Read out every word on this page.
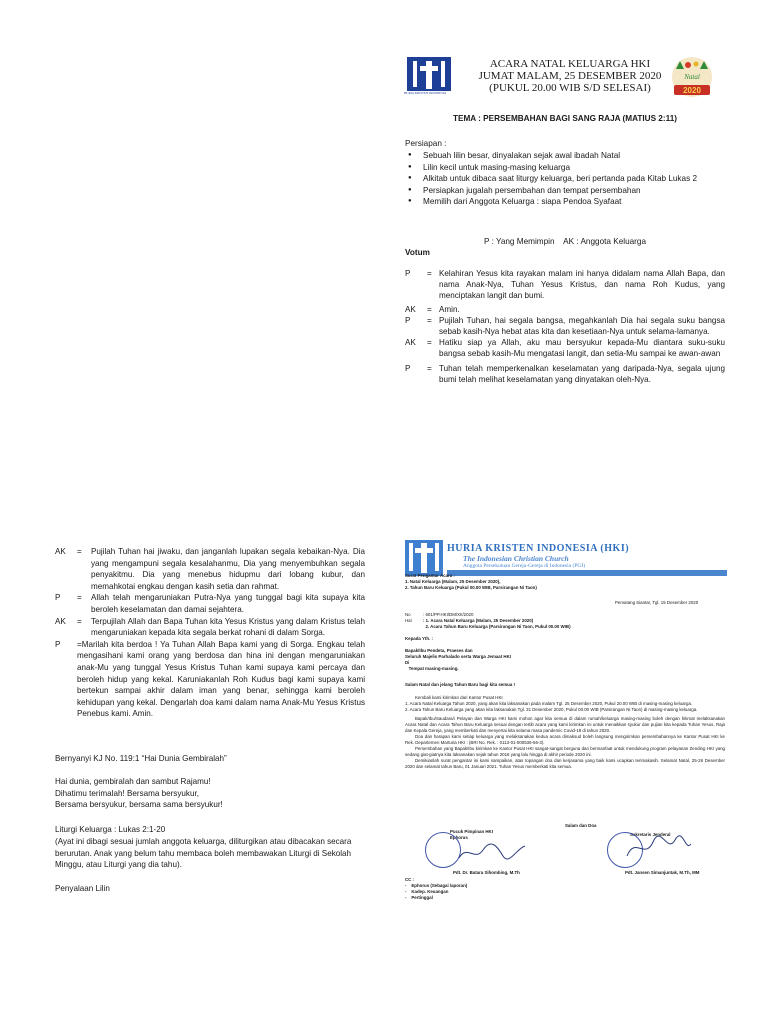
HURIA KRISTEN INDONESIA
ACARA NATAL KELUARGA HKI
JUMAT MALAM, 25 DESEMBER 2020
(PUKUL 20.00 WIB S/D SELESAI)	2020
Natal
TEMA : PERSEMBAHAN BAGI SANG RAJA (MATIUS 2:11)
Persiapan :
● Sebuah lilin besar, dinyalakan sejak awal ibadah Natal
● Lilin kecil untuk masing-masing keluarga
● Alkitab untuk dibaca saat liturgy keluarga, beri pertanda pada Kitab Lukas 2
● Persiapkan jugalah persembahan dan tempat persembahan
● Memilih dari Anggota Keluarga : siapa Pendoa Syafaat
P : Yang Memimpin    AK : Anggota Keluarga
Votum
P	= Kelahiran Yesus kita rayakan malam ini hanya didalam nama Allah Bapa, dan nama Anak-Nya, Tuhan Yesus Kristus, dan nama Roh Kudus, yang menciptakan langit dan bumi.
AK	= Amin.
P	= Pujilah Tuhan, hai segala bangsa, megahkanlah Dia hai segala suku bangsa sebab kasih-Nya hebat atas kita dan kesetiaan-Nya untuk selama-lamanya.
AK	= Hatiku siap ya Allah, aku mau bersyukur kepada-Mu diantara suku-suku bangsa sebab kasih-Mu mengatasi langit, dan setia-Mu sampai ke awan-awan
P	= Tuhan telah memperkenalkan keselamatan yang daripada-Nya, segala ujung bumi telah melihat keselamatan yang dinyatakan oleh-Nya.
AK	=	Pujilah Tuhan hai jiwaku, dan janganlah lupakan segala kebaikan-Nya. Dia yang mengampuni segala kesalahanmu, Dia yang menyembuhkan segala penyakitmu. Dia yang menebus hidupmu dari lobang kubur, dan memahkotai engkau dengan kasih setia dan rahmat.
P	=	Allah telah mengaruniakan Putra-Nya yang tunggal bagi kita supaya kita beroleh keselamatan dan damai sejahtera.
AK	=	Terpujilah Allah dan Bapa Tuhan kita Yesus Kristus yang dalam Kristus telah mengaruniakan kepada kita segala berkat rohani di dalam Sorga.
P	=Marilah kita berdoa ! Ya Tuhan Allah Bapa kami yang di Sorga. Engkau telah mengasihani kami orang yang berdosa dan hina ini dengan mengaruniakan anak-Mu yang tunggal Yesus Kristus Tuhan kami supaya kami percaya dan beroleh hidup yang kekal. Karuniakanlah Roh Kudus bagi kami supaya kami bertekun sampai akhir dalam iman yang benar, sehingga kami beroleh kehidupan yang kekal. Dengarlah doa kami dalam nama Anak-Mu Yesus Kristus Penebus kami. Amin.
Bernyanyi KJ No. 119:1 “Hai Dunia Gembiralah”
Hai dunia, gembiralah dan sambut Rajamu!
Dihatimu terimalah! Bersama bersyukur,
Bersama bersyukur, bersama sama bersyukur!
Liturgi Keluarga : Lukas 2:1-20
(Ayat ini dibagi sesuai jumlah anggota keluarga, diliturgikan atau dibacakan secara berurutan. Anak yang belum tahu membaca boleh membawakan Liturgi di Sekolah Minggu, atau Liturgi yang dia tahu).
Penyalaan Lilin
HURIA KRISTEN INDONESIA (HKI)
The Indonesian Christian Church
Anggota Persekutuan Gereja-Gereja di Indonesia (PGI)
Surat Pengantar Acara :
1. Natal Keluarga (Malam, 25 Desember 2020),
2. Tahun Baru Keluarga (Pukul 00.00 WIB, Parsirangan Ni Taon)
Pematang Siantar, Tgl. 15 Desember 2020
No	: 601/PP.HKI/DM/XII/2020
Hal	: 1. Acara Natal Keluarga (Malam, 25 Desember 2020)
2. Acara Tahun Baru Keluarga (Parsirangan Ni Taon, Pukul 00.00 WIB)
Kepada Yth. :
Bapak/Ibu Pendeta, Praeses dan
Seluruh Majelis Parhalado serta Warga Jemaat HKI
Di
Tempat masing-masing.
Salam Natal dan jelang Tahun Baru bagi kita semua !
Kembali kami kirimkan dari Kantor Pusat HKI
1. Acara Natal Keluarga Tahun 2020, yang akan kita laksanakan pada malam Tgl. 25 Desember 2020, Pukul 20.00 WIB di masing-masing keluarga.
2. Acara Tahun Baru Keluarga yang akan kita laksanakan Tgl. 31 Desember 2020, Pukul 00.00 WIB (Parsirangan Ni Taon) di masing-masing keluarga.
Bapak/Ibu/Saudara/i Pelayan dan Warga HKI kami mohon agar kita semua di dalam rumah/keluarga masing-masing boleh dengan hikmat melaksanakan Acara Natal dan Acara Tahun Baru Keluarga sesuai dengan tertib acara yang kami kirimkan ini untuk menaikkan syukur dan pujian kita kepada Tuhan Yesus, Raja dan Kepala Gereja, yang memberkati dan menyertai kita selama masa pandemic Covid-19 di tahun 2020.
Doa dan harapan kami setiap keluarga yang melaksanakan kedua acara dimaksud boleh langsung mengirimkan persembahannya ke Kantor Pusat HKI ke Rek. Departemen Marturia HKI : (BRI No. Rek. : 0113-01-000536-56-3).
Persembahan yang Bapak/Ibu kirimkan ke Kantor Pusat HKI sangat-sangat berguna dan bermanfaat untuk mendukung program pelayanan Zending HKI yang sedang giat-giatnya kita laksanakan sejak tahun 2016 yang lalu hingga di akhir periode 2020 ini.
Demikianlah surat pengantar ini kami sampaikan, atas topangan doa dan kerjasama yang baik kami ucapkan terimakasih. Selamat Natal, 25-26 Desember 2020 dan selamat tahun Baru, 01 Januari 2021. Tuhan Yesus memberkati kita semua.
Salam dan Doa
Pucuk Pimpinan HKI
Ephorus
Sekretaris Jenderal
Pdt. Dr. Batara Sihombing, M.Th	Pdt. Jansen Simanjuntak, M.Th, MM
CC :
-    Ephorus (Sebagai laporan)
-    Kadep. Keuangan
-    Pertinggal
